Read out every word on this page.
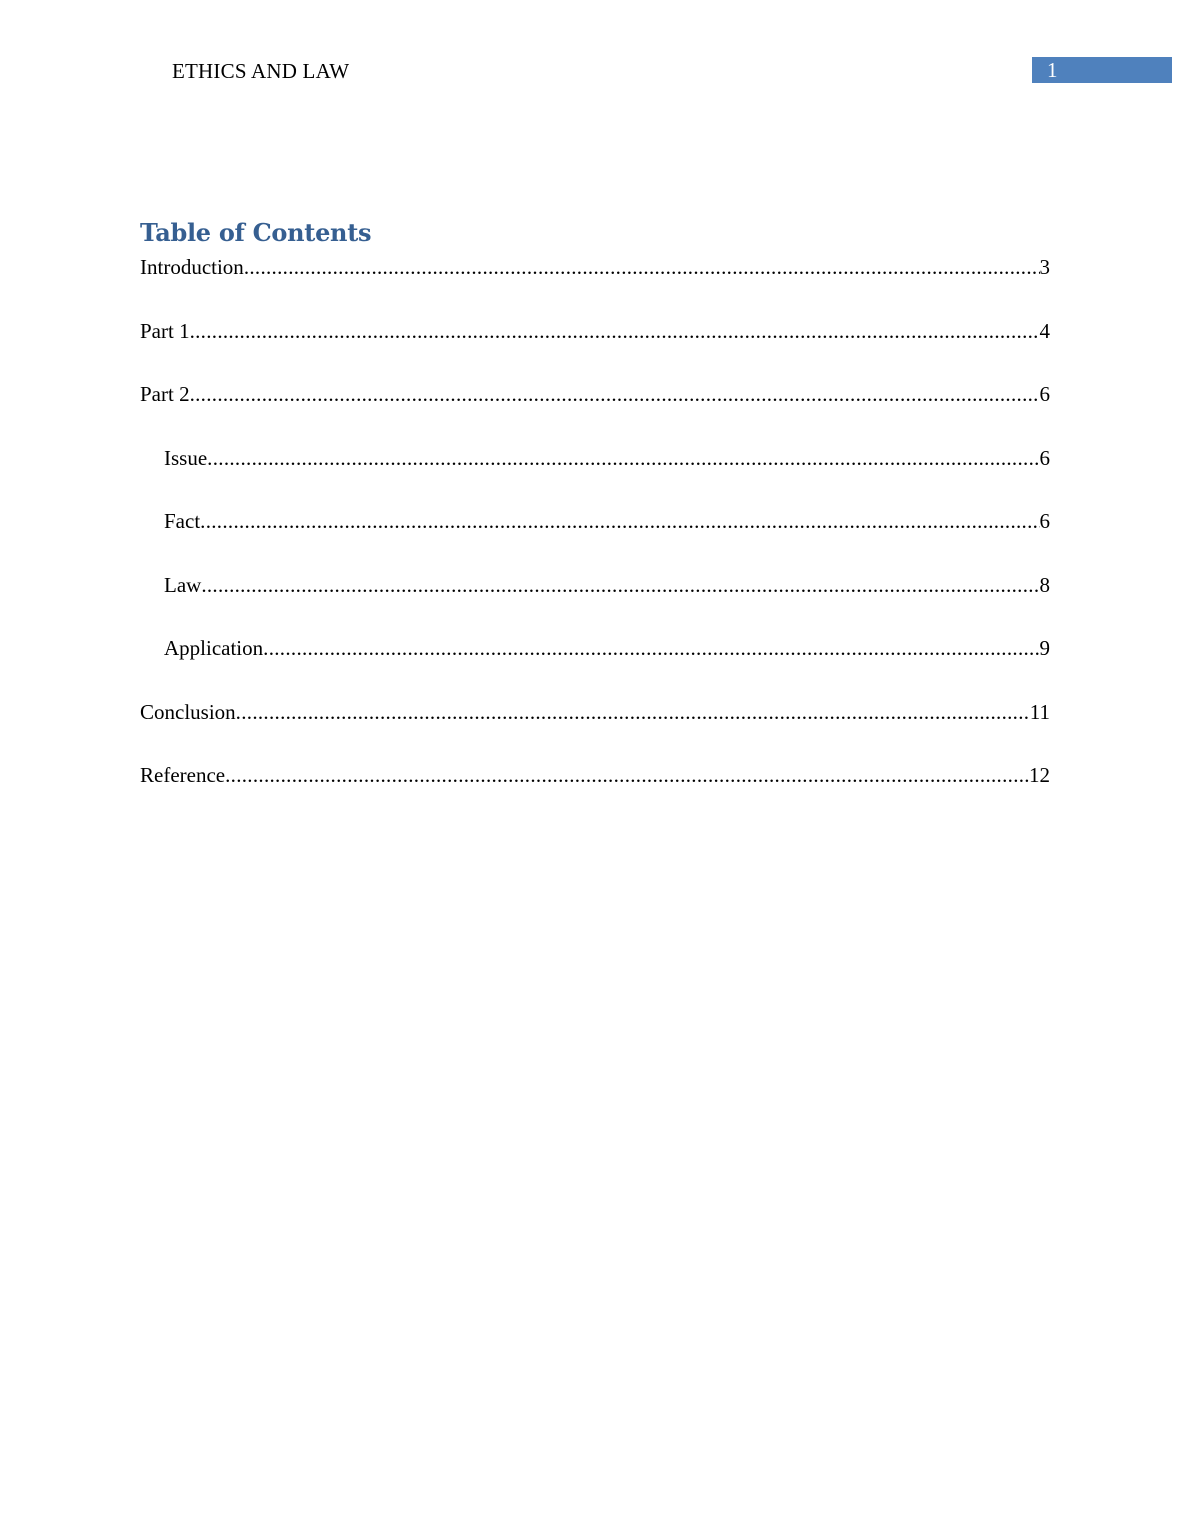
ETHICS AND LAW	1
Table of Contents
Introduction .....	3
Part 1 .....	4
Part 2 .....	6
Issue .....	6
Fact .....	6
Law .....	8
Application .....	9
Conclusion .....	11
Reference .....	12
